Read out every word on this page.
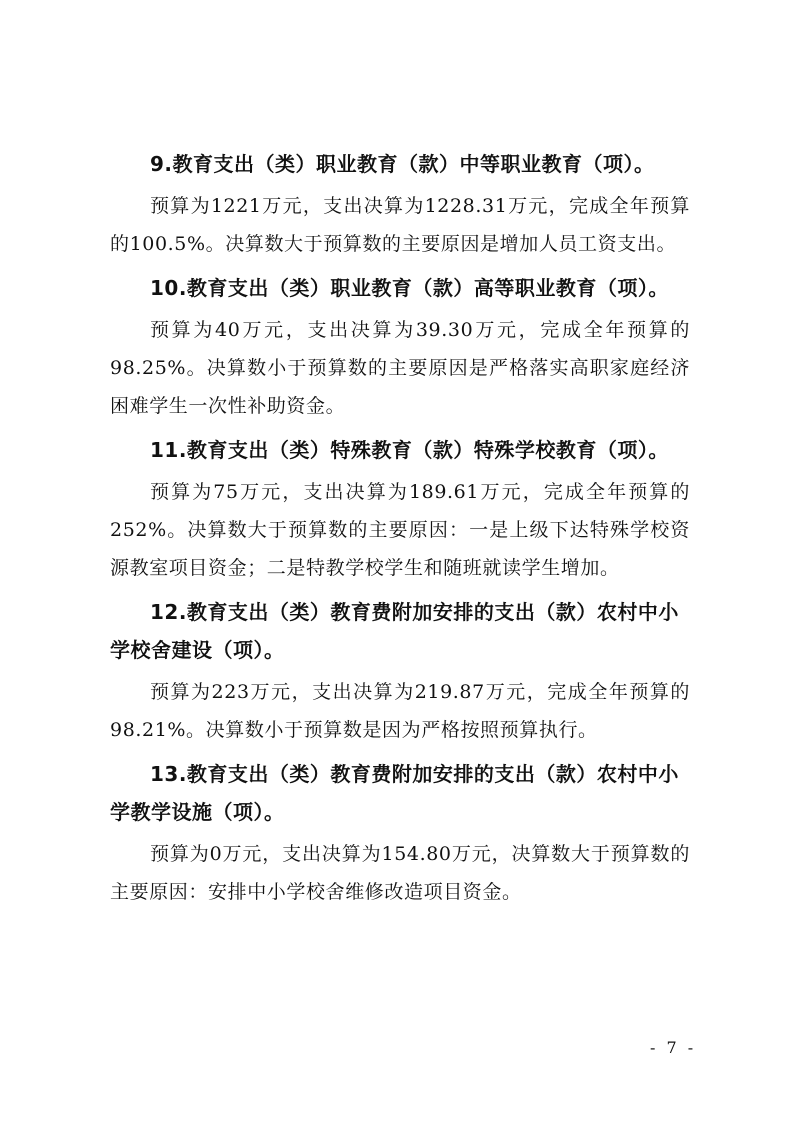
9.教育支出（类）职业教育（款）中等职业教育（项）。

预算为1221万元，支出决算为1228.31万元，完成全年预算的100.5%。决算数大于预算数的主要原因是增加人员工资支出。

10.教育支出（类）职业教育（款）高等职业教育（项）。

预算为40万元，支出决算为39.30万元，完成全年预算的98.25%。决算数小于预算数的主要原因是严格落实高职家庭经济困难学生一次性补助资金。

11.教育支出（类）特殊教育（款）特殊学校教育（项）。

预算为75万元，支出决算为189.61万元，完成全年预算的252%。决算数大于预算数的主要原因：一是上级下达特殊学校资源教室项目资金；二是特教学校学生和随班就读学生增加。

12.教育支出（类）教育费附加安排的支出（款）农村中小学校舍建设（项）。

预算为223万元，支出决算为219.87万元，完成全年预算的98.21%。决算数小于预算数是因为严格按照预算执行。

13.教育支出（类）教育费附加安排的支出（款）农村中小学教学设施（项）。

预算为0万元，支出决算为154.80万元，决算数大于预算数的主要原因：安排中小学校舍维修改造项目资金。

- 7 -
